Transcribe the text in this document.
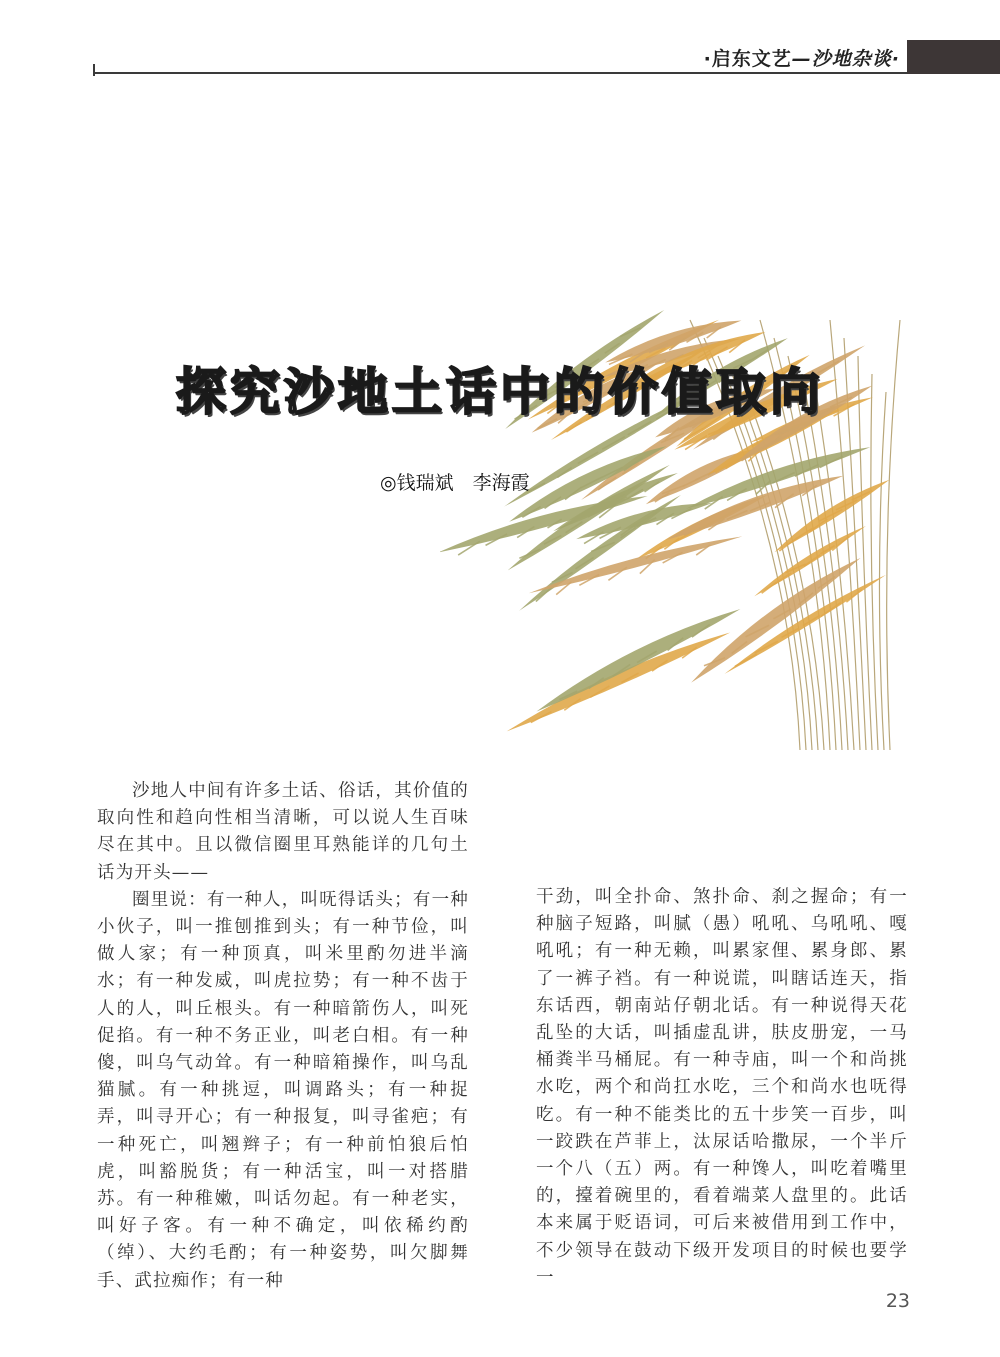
·启东文艺—沙地杂谈·
探究沙地土话中的价值取向
◎钱瑞斌　李海霞

沙地人中间有许多土话、俗话，其价值的取向性和趋向性相当清晰，可以说人生百味尽在其中。且以微信圈里耳熟能详的几句土话为开头——

圈里说：有一种人，叫呒得话头；有一种小伙子，叫一推刨推到头；有一种节俭，叫做人家；有一种顶真，叫米里酌勿进半滴水；有一种发威，叫虎拉势；有一种不齿于人的人，叫丘根头。有一种暗箭伤人，叫死促掐。有一种不务正业，叫老白相。有一种傻，叫乌气动耸。有一种暗箱操作，叫乌乱猫腻。有一种挑逗，叫调路头；有一种捉弄，叫寻开心；有一种报复，叫寻雀疤；有一种死亡，叫翘辫子；有一种前怕狼后怕虎，叫豁脱货；有一种活宝，叫一对搭腊苏。有一种稚嫩，叫话勿起。有一种老实，叫好子客。有一种不确定，叫依稀约酌（绰）、大约毛酌；有一种姿势，叫欠脚舞手、武拉痴作；有一种

干劲，叫全扑命、煞扑命、刹之握命；有一种脑子短路，叫腻（愚）吼吼、乌吼吼、嘎吼吼；有一种无赖，叫累家俚、累身郎、累了一裤子裆。有一种说谎，叫瞎话连天，指东话西，朝南站仔朝北话。有一种说得天花乱坠的大话，叫插虚乱讲，肤皮册宠，一马桶粪半马桶屁。有一种寺庙，叫一个和尚挑水吃，两个和尚扛水吃，三个和尚水也呒得吃。有一种不能类比的五十步笑一百步，叫一跤跌在芦菲上，汰尿话哈撒尿，一个半斤一个八（五）两。有一种馋人，叫吃着嘴里的，擡着碗里的，看着端菜人盘里的。此话本来属于贬语词，可后来被借用到工作中，不少领导在鼓动下级开发项目的时候也要学一

23
